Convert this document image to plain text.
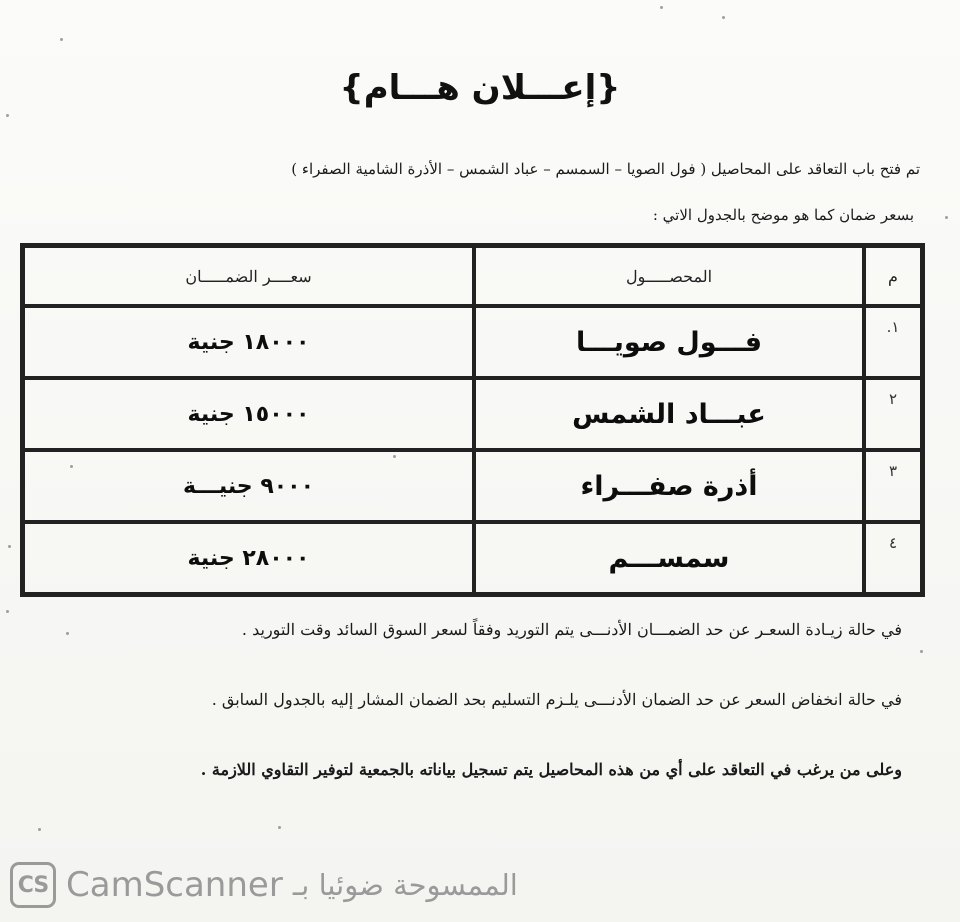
{إعـــلان هـــام}
تم فتح باب التعاقد على المحاصيل ( فول الصويا – السمسم – عباد الشمس – الأذرة الشامية الصفراء )
بسعر ضمان كما هو موضح بالجدول الاتي :
م	المحصـــــول	سعــــر الضمـــــان
١.	فـــول صويـــا	١٨٠٠٠ جنية
٢	عبـــاد الشمس	١٥٠٠٠ جنية
٣	أذرة صفـــراء	٩٠٠٠ جنيـــة
٤	سمســـم	٢٨٠٠٠ جنية
في حالة زيـادة السعـر عن حد الضمـــان الأدنـــى يتم التوريد وفقاً لسعر السوق السائد وقت التوريد .
في حالة انخفاض السعر عن حد الضمان الأدنـــى يلـزم التسليم بحد الضمان المشار إليه بالجدول السابق .
وعلى من يرغب في التعاقد على أي من هذه المحاصيل يتم تسجيل بياناته بالجمعية لتوفير التقاوي اللازمة .
CS CamScanner الممسوحة ضوئيا بـ
